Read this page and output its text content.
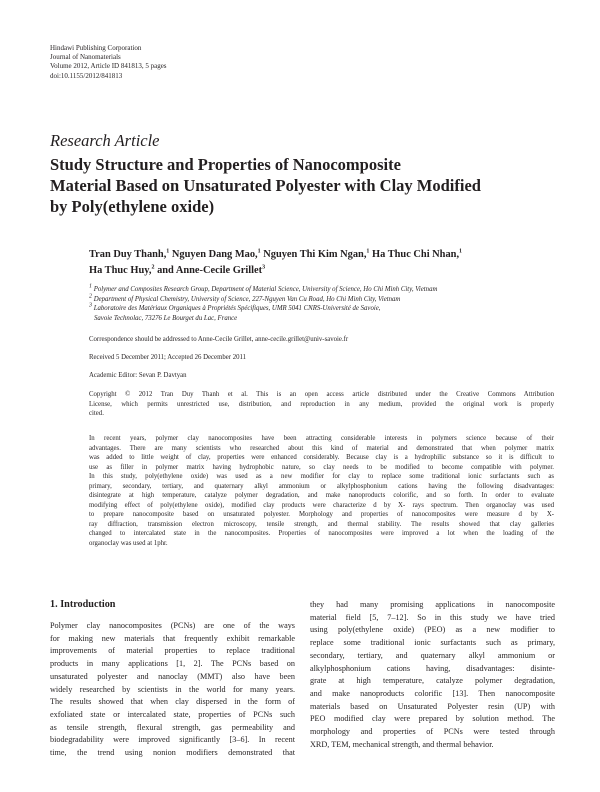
Hindawi Publishing Corporation
Journal of Nanomaterials
Volume 2012, Article ID 841813, 5 pages
doi:10.1155/2012/841813
Research Article
Study Structure and Properties of Nanocomposite
Material Based on Unsaturated Polyester with Clay Modified
by Poly(ethylene oxide)
Tran Duy Thanh,$^1$ Nguyen Dang Mao,$^1$ Nguyen Thi Kim Ngan,$^1$ Ha Thuc Chi Nhan,$^1$
Ha Thuc Huy,$^2$ and Anne-Cecile Grillet$^3$
$^1$ Polymer and Composites Research Group, Department of Material Science, University of Science, Ho Chi Minh City, Vietnam
$^2$ Department of Physical Chemistry, University of Science, 227-Nguyen Van Cu Road, Ho Chi Minh City, Vietnam
$^3$ Laboratoire des Matériaux Organiques à Propriétés Spécifiques, UMR 5041 CNRS-Université de Savoie,
Savoie Technolac, 73276 Le Bourget du Lac, France
Correspondence should be addressed to Anne-Cecile Grillet, anne-cecile.grillet@univ-savoie.fr
Received 5 December 2011; Accepted 26 December 2011
Academic Editor: Sevan P. Davtyan
Copyright © 2012 Tran Duy Thanh et al. This is an open access article distributed under the Creative Commons Attribution
License, which permits unrestricted use, distribution, and reproduction in any medium, provided the original work is properly
cited.
In recent years, polymer clay nanocomposites have been attracting considerable interests in polymers science because of their
advantages. There are many scientists who researched about this kind of material and demonstrated that when polymer matrix
was added to little weight of clay, properties were enhanced considerably. Because clay is a hydrophilic substance so it is difficult to
use as filler in polymer matrix having hydrophobic nature, so clay needs to be modified to become compatible with polymer.
In this study, poly(ethylene oxide) was used as a new modifier for clay to replace some traditional ionic surfactants such as
primary, secondary, tertiary, and quaternary alkyl ammonium or alkylphosphonium cations having the following disadvantages:
disintegrate at high temperature, catalyze polymer degradation, and make nanoproducts colorific, and so forth. In order to evaluate
modifying effect of poly(ethylene oxide), modified clay products were characterize d by X- rays spectrum. Then organoclay was used
to prepare nanocomposite based on unsaturated polyester. Morphology and properties of nanocomposites were measure d by X-
ray diffraction, transmission electron microscopy, tensile strength, and thermal stability. The results showed that clay galleries
changed to intercalated state in the nanocomposites. Properties of nanocomposites were improved a lot when the loading of the
organoclay was used at 1phr.
1. Introduction
Polymer clay nanocomposites (PCNs) are one of the ways
for making new materials that frequently exhibit remarkable
improvements of material properties to replace traditional
products in many applications [1, 2]. The PCNs based on
unsaturated polyester and nanoclay (MMT) also have been
widely researched by scientists in the world for many years.
The results showed that when clay dispersed in the form of
exfoliated state or intercalated state, properties of PCNs such
as tensile strength, flexural strength, gas permeability and
biodegradability were improved significantly [3–6]. In recent
time, the trend using nonion modifiers demonstrated that
they had many promising applications in nanocomposite
material field [5, 7–12]. So in this study we have tried
using poly(ethylene oxide) (PEO) as a new modifier to
replace some traditional ionic surfactants such as primary,
secondary, tertiary, and quaternary alkyl ammonium or
alkylphosphonium cations having, disadvantages: disinte-
grate at high temperature, catalyze polymer degradation,
and make nanoproducts colorific [13]. Then nanocomposite
materials based on Unsaturated Polyester resin (UP) with
PEO modified clay were prepared by solution method. The
morphology and properties of PCNs were tested through
XRD, TEM, mechanical strength, and thermal behavior.
